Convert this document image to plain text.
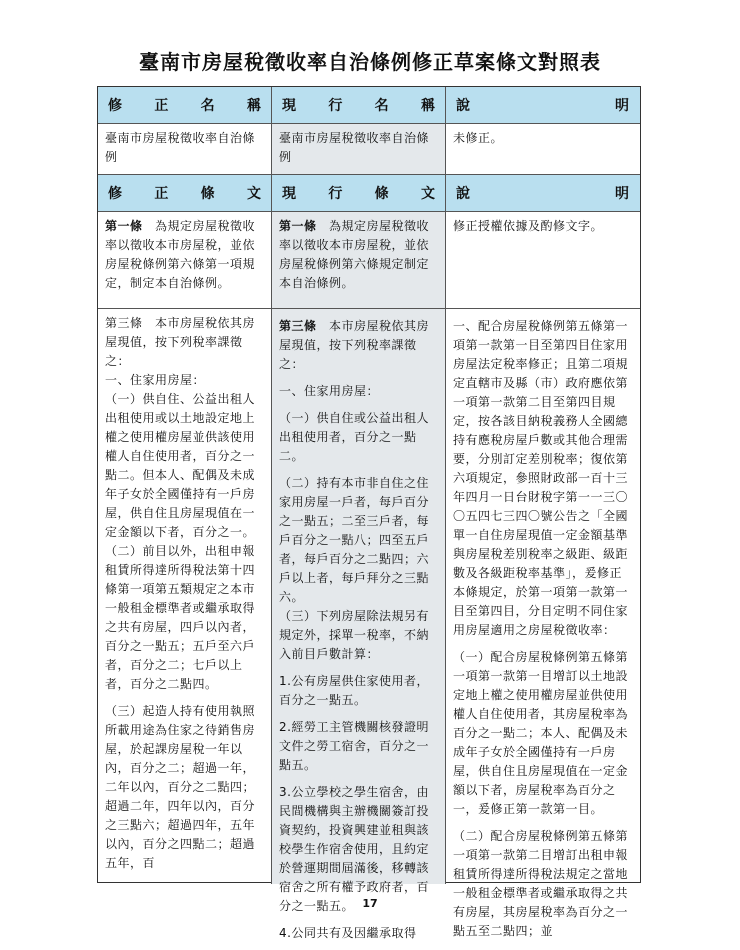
臺南市房屋稅徵收率自治條例修正草案條文對照表
修 正 名 稱 現 行 名 稱 說	明
臺南市房屋稅徵收率自治條例
臺南市房屋稅徵收率自治條例
未修正。
修 正 條 文 現 行 條 文 說	明
第一條　為規定房屋稅徵收率以徵收本市房屋稅，並依房屋稅條例第六條第一項規定，制定本自治條例。
第一條　為規定房屋稅徵收率以徵收本市房屋稅，並依房屋稅條例第六條規定制定本自治條例。
修正授權依據及酌修文字。

第三條　本市房屋稅依其房屋現值，按下列稅率課徵之：

一、住家用房屋：

（一）供自住、公益出租人出租使用或以土地設定地上權之使用權房屋並供該使用權人自住使用者，百分之一點二。但本人、配偶及未成年子女於全國僅持有一戶房屋，供自住且房屋現值在一定金額以下者，百分之一。

（二）前目以外，出租申報租賃所得達所得稅法第十四條第一項第五類規定之本市一般租金標準者或繼承取得之共有房屋，四戶以內者，百分之一點五；五戶至六戶者，百分之二；七戶以上者，百分之二點四。

（三）起造人持有使用執照所載用途為住家之待銷售房屋，於起課房屋稅一年以內，百分之二；超過一年，二年以內，百分之二點四；超過二年，四年以內，百分之三點六；超過四年，五年以內，百分之四點二；超過五年，百

第三條　本市房屋稅依其房屋現值，按下列稅率課徵之：

一、住家用房屋：

（一）供自住或公益出租人出租使用者，百分之一點二。

（二）持有本市非自住之住家用房屋一戶者，每戶百分之一點五；二至三戶者，每戶百分之一點八；四至五戶者，每戶百分之二點四；六戶以上者，每戶拜分之三點六。

（三）下列房屋除法規另有規定外，採單一稅率，不納入前目戶數計算：

1.公有房屋供住家使用者，百分之一點五。

2.經勞工主管機關核發證明文件之勞工宿舍，百分之一點五。

3.公立學校之學生宿舍，由民間機構與主辦機關簽訂投資契約，投資興建並租與該校學生作宿舍使用，且約定於營運期間屆滿後，移轉該宿舍之所有權予政府者，百分之一點五。

4.公同共有及因繼承取得

一、配合房屋稅條例第五條第一項第一款第一目至第四目住家用房屋法定稅率修正；且第二項規定直轄市及縣（市）政府應依第一項第一款第二目至第四目規定，按各該目納稅義務人全國總持有應稅房屋戶數或其他合理需要，分別訂定差別稅率；復依第六項規定，參照財政部一百十三年四月一日台財稅字第一一三〇〇五四七三四〇號公告之「全國單一自住房屋現值一定金額基準與房屋稅差別稅率之級距、級距數及各級距稅率基準」，爰修正本條規定，於第一項第一款第一目至第四目，分目定明不同住家用房屋適用之房屋稅徵收率：

（一）配合房屋稅條例第五條第一項第一款第一目增訂以土地設定地上權之使用權房屋並供使用權人自住使用者，其房屋稅率為百分之一點二；本人、配偶及未成年子女於全國僅持有一戶房屋，供自住且房屋現值在一定金額以下者，房屋稅率為百分之一，爰修正第一款第一目。

（二）配合房屋稅條例第五條第一項第一款第二目增訂出租申報租賃所得達所得稅法規定之當地一般租金標準者或繼承取得之共有房屋，其房屋稅率為百分之一點五至二點四；並

17
